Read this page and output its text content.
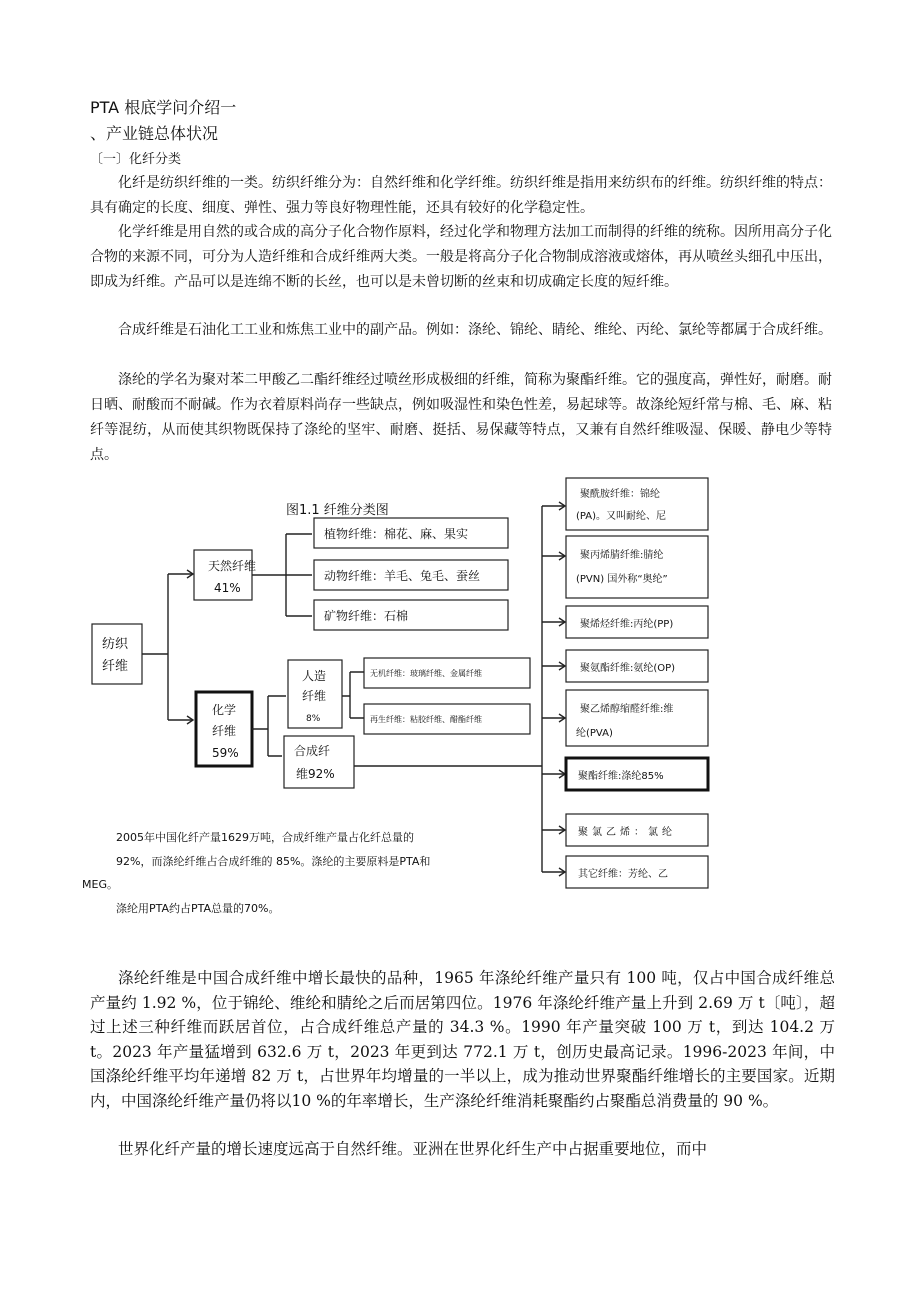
PTA 根底学问介绍一
、产业链总体状况
〔一〕化纤分类

化纤是纺织纤维的一类。纺织纤维分为：自然纤维和化学纤维。纺织纤维是指用来纺织布的纤维。纺织纤维的特点：具有确定的长度、细度、弹性、强力等良好物理性能，还具有较好的化学稳定性。

化学纤维是用自然的或合成的高分子化合物作原料，经过化学和物理方法加工而制得的纤维的统称。因所用高分子化合物的来源不同，可分为人造纤维和合成纤维两大类。一般是将高分子化合物制成溶液或熔体，再从喷丝头细孔中压出，即成为纤维。产品可以是连绵不断的长丝，也可以是未曾切断的丝束和切成确定长度的短纤维。

合成纤维是石油化工工业和炼焦工业中的副产品。例如：涤纶、锦纶、睛纶、维纶、丙纶、氯纶等都属于合成纤维。

涤纶的学名为聚对苯二甲酸乙二酯纤维经过喷丝形成极细的纤维，简称为聚酯纤维。它的强度高，弹性好，耐磨。耐日晒、耐酸而不耐碱。作为衣着原料尚存一些缺点，例如吸湿性和染色性差，易起球等。故涤纶短纤常与棉、毛、麻、粘纤等混纺，从而使其织物既保持了涤纶的坚牢、耐磨、挺括、易保藏等特点，又兼有自然纤维吸湿、保暖、静电少等特点。

图1.1 纤维分类图
纺织
纤维
天然纤维
41%
植物纤维：棉花、麻、果实
动物纤维：羊毛、兔毛、蚕丝
矿物纤维：石棉
化学
纤维
59%
人造
纤维
8%
无机纤维：玻璃纤维、金属纤维
再生纤维：粘胶纤维、醋酯纤维
合成纤
维92%
聚酰胺纤维：锦纶
(PA)。又叫耐纶、尼
聚丙烯腈纤维:腈纶
(PVN) 国外称“奥纶”
聚烯烃纤维:丙纶(PP)
聚氨酯纤维:氨纶(OP)
聚乙烯醇缩醛纤维:维
纶(PVA)
聚酯纤维:涤纶85%
聚氯乙烯：氯纶
其它纤维：芳纶、乙
2005年中国化纤产量1629万吨，合成纤维产量占化纤总量的
92%，而涤纶纤维占合成纤维的 85%。涤纶的主要原料是PTA和
MEG。
涤纶用PTA约占PTA总量的70%。

涤纶纤维是中国合成纤维中增长最快的品种，1965 年涤纶纤维产量只有 100 吨，仅占中国合成纤维总产量约 1.92 %，位于锦纶、维纶和腈纶之后而居第四位。1976 年涤纶纤维产量上升到 2.69 万 t〔吨〕，超过上述三种纤维而跃居首位，占合成纤维总产量的 34.3 %。1990 年产量突破 100 万 t，到达 104.2 万 t。2023 年产量猛增到 632.6 万 t，2023 年更到达 772.1 万 t，创历史最高记录。1996-2023 年间，中国涤纶纤维平均年递增 82 万 t，占世界年均增量的一半以上，成为推动世界聚酯纤维增长的主要国家。近期内，中国涤纶纤维产量仍将以10 %的年率增长，生产涤纶纤维消耗聚酯约占聚酯总消费量的 90 %。

世界化纤产量的增长速度远高于自然纤维。亚洲在世界化纤生产中占据重要地位，而中
